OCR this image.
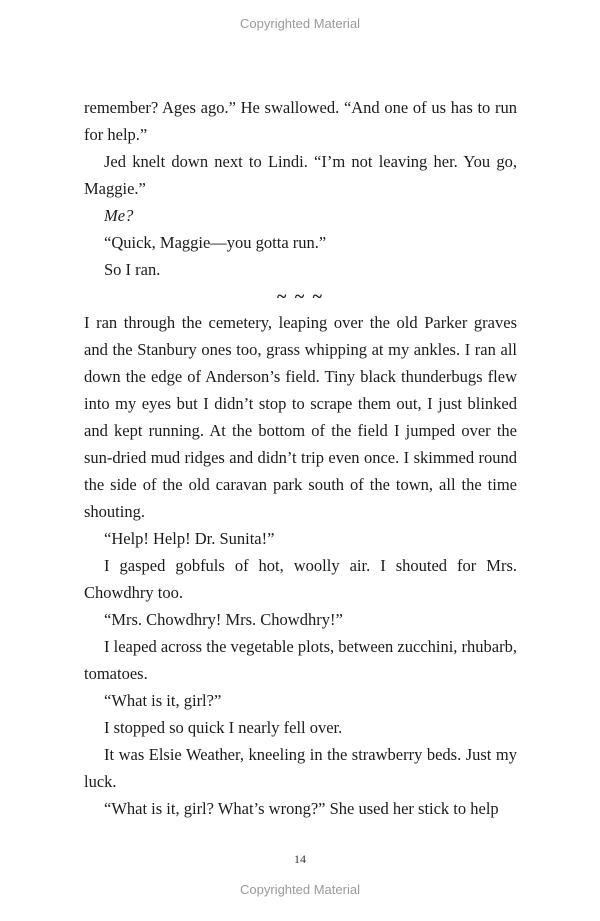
Copyrighted Material

remember? Ages ago.” He swallowed. “And one of us has to run for help.”

Jed knelt down next to Lindi. “I’m not leaving her. You go, Maggie.”

Me?

“Quick, Maggie—you gotta run.”

So I ran.

~ ~ ~

I ran through the cemetery, leaping over the old Parker graves and the Stanbury ones too, grass whipping at my ankles. I ran all down the edge of Anderson’s field. Tiny black thunderbugs flew into my eyes but I didn’t stop to scrape them out, I just blinked and kept running. At the bottom of the field I jumped over the sun-dried mud ridges and didn’t trip even once. I skimmed round the side of the old caravan park south of the town, all the time shouting.

“Help! Help! Dr. Sunita!”

I gasped gobfuls of hot, woolly air. I shouted for Mrs. Chowdhry too.

“Mrs. Chowdhry! Mrs. Chowdhry!”

I leaped across the vegetable plots, between zucchini, rhubarb, tomatoes.

“What is it, girl?”

I stopped so quick I nearly fell over.

It was Elsie Weather, kneeling in the strawberry beds. Just my luck.

“What is it, girl? What’s wrong?” She used her stick to help

14
Copyrighted Material
